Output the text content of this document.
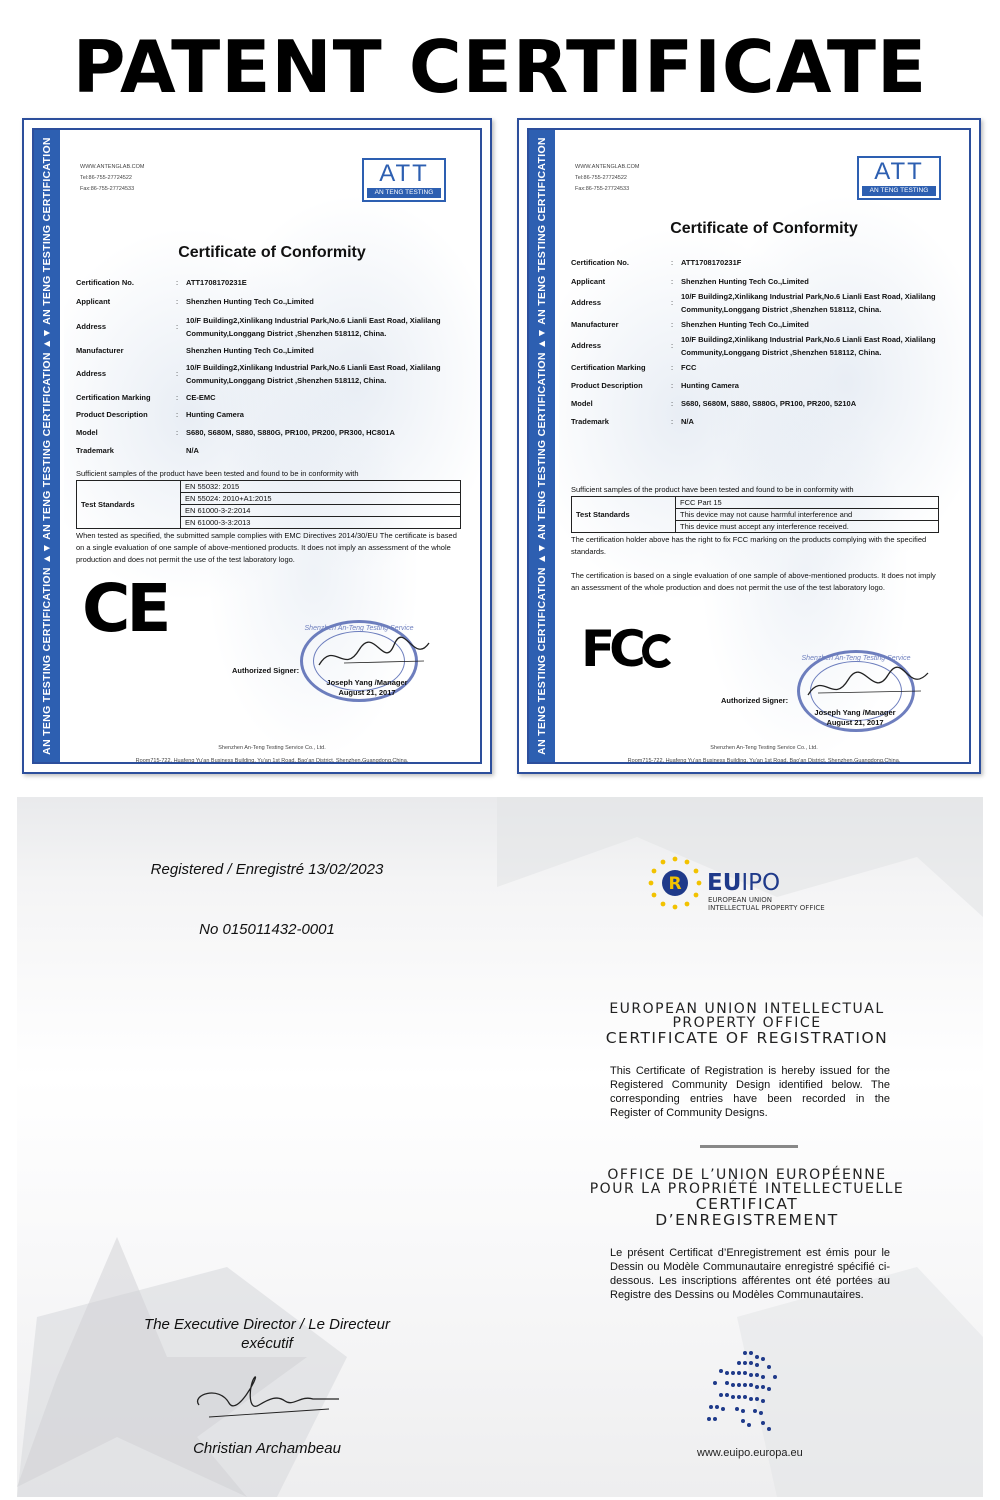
PATENT CERTIFICATE
AN TENG TESTING CERTIFICATION ▲▼ AN TENG TESTING CERTIFICATION ▲▼ AN TENG TESTING CERTIFICATION	WWW.ANTENGLAB.COM
Tel:86-755-27724522
Fax:86-755-27724533
ATT
AN TENG TESTING
Certificate of Conformity
Certification No.	:	ATT1708170231E
Applicant	:	Shenzhen Hunting Tech Co.,Limited
Address	:
10/F Building2,Xinlikang Industrial Park,No.6 Lianli East Road, Xialilang Community,Longgang District ,Shenzhen 518112, China.
Manufacturer	Shenzhen Hunting Tech Co.,Limited
Address	:
10/F Building2,Xinlikang Industrial Park,No.6 Lianli East Road, Xialilang Community,Longgang District ,Shenzhen 518112, China.
Certification Marking	:	CE-EMC
Product Description	:	Hunting Camera
Model	:	S680, S680M, S880, S880G, PR100, PR200, PR300, HC801A
Trademark	N/A
Sufficient samples of the product have been tested and found to be in conformity with
Test Standards	
EN 55032: 2015
EN 55024: 2010+A1:2015
EN 61000-3-2:2014
EN 61000-3-3:2013
When tested as specified, the submitted sample complies with EMC Directives 2014/30/EU The certificate is based on a single evaluation of one sample of above-mentioned products. It does not imply an assessment of the whole production and does not permit the use of the test laboratory logo.
CE
Authorized Signer:
Shenzhen An-Teng Testing Service
Joseph Yang /Manager
August 21, 2017
Shenzhen An-Teng Testing Service Co., Ltd.
Room715-722, Huafeng Yu'an Business Building, Yu'an 1st Road, Bao'an District, Shenzhen,Guangdong,China.
AN TENG TESTING CERTIFICATION ▲▼ AN TENG TESTING CERTIFICATION ▲▼ AN TENG TESTING CERTIFICATION	WWW.ANTENGLAB.COM
Tel:86-755-27724522
Fax:86-755-27724533
ATT
AN TENG TESTING
Certificate of Conformity
Certification No.	:	ATT1708170231F
Applicant	:	Shenzhen Hunting Tech Co.,Limited
Address	:
10/F Building2,Xinlikang Industrial Park,No.6 Lianli East Road, Xialilang Community,Longgang District ,Shenzhen 518112, China.
Manufacturer	:	Shenzhen Hunting Tech Co.,Limited
Address	:
10/F Building2,Xinlikang Industrial Park,No.6 Lianli East Road, Xialilang Community,Longgang District ,Shenzhen 518112, China.
Certification Marking	:	FCC
Product Description	:	Hunting Camera
Model	:	S680, S680M, S880, S880G, PR100, PR200, 5210A
Trademark	:	N/A
Sufficient samples of the product have been tested and found to be in conformity with
Test Standards	
FCC Part 15
This device may not cause harmful interference and
This device must accept any interference received.
The certification holder above has the right to fix FCC marking on the products complying with the specified standards.
The certification is based on a single evaluation of one sample of above-mentioned products. It does not imply an assessment of the whole production and does not permit the use of the test laboratory logo.
FC
Authorized Signer:
Shenzhen An-Teng Testing Service
Joseph Yang /Manager
August 21, 2017
Shenzhen An-Teng Testing Service Co., Ltd.
Room715-722, Huafeng Yu'an Business Building, Yu'an 1st Road, Bao'an District, Shenzhen,Guangdong,China.
Registered / Enregistré 13/02/2023
No 015011432-0001
R EUIPO
EUROPEAN UNION
INTELLECTUAL PROPERTY OFFICE
EUROPEAN UNION INTELLECTUAL
PROPERTY OFFICE
CERTIFICATE OF REGISTRATION
This Certificate of Registration is hereby issued for the Registered Community Design identified below. The corresponding entries have been recorded in the Register of Community Designs.
OFFICE DE L’UNION EUROPÉENNE
POUR LA PROPRIÉTÉ INTELLECTUELLE
CERTIFICAT
D’ENREGISTREMENT
Le présent Certificat d’Enregistrement est émis pour le Dessin ou Modèle Communautaire enregistré spécifié ci-dessous. Les inscriptions afférentes ont été portées au Registre des Dessins ou Modèles Communautaires.
The Executive Director / Le Directeur exécutif
Christian Archambeau	www.euipo.europa.eu
